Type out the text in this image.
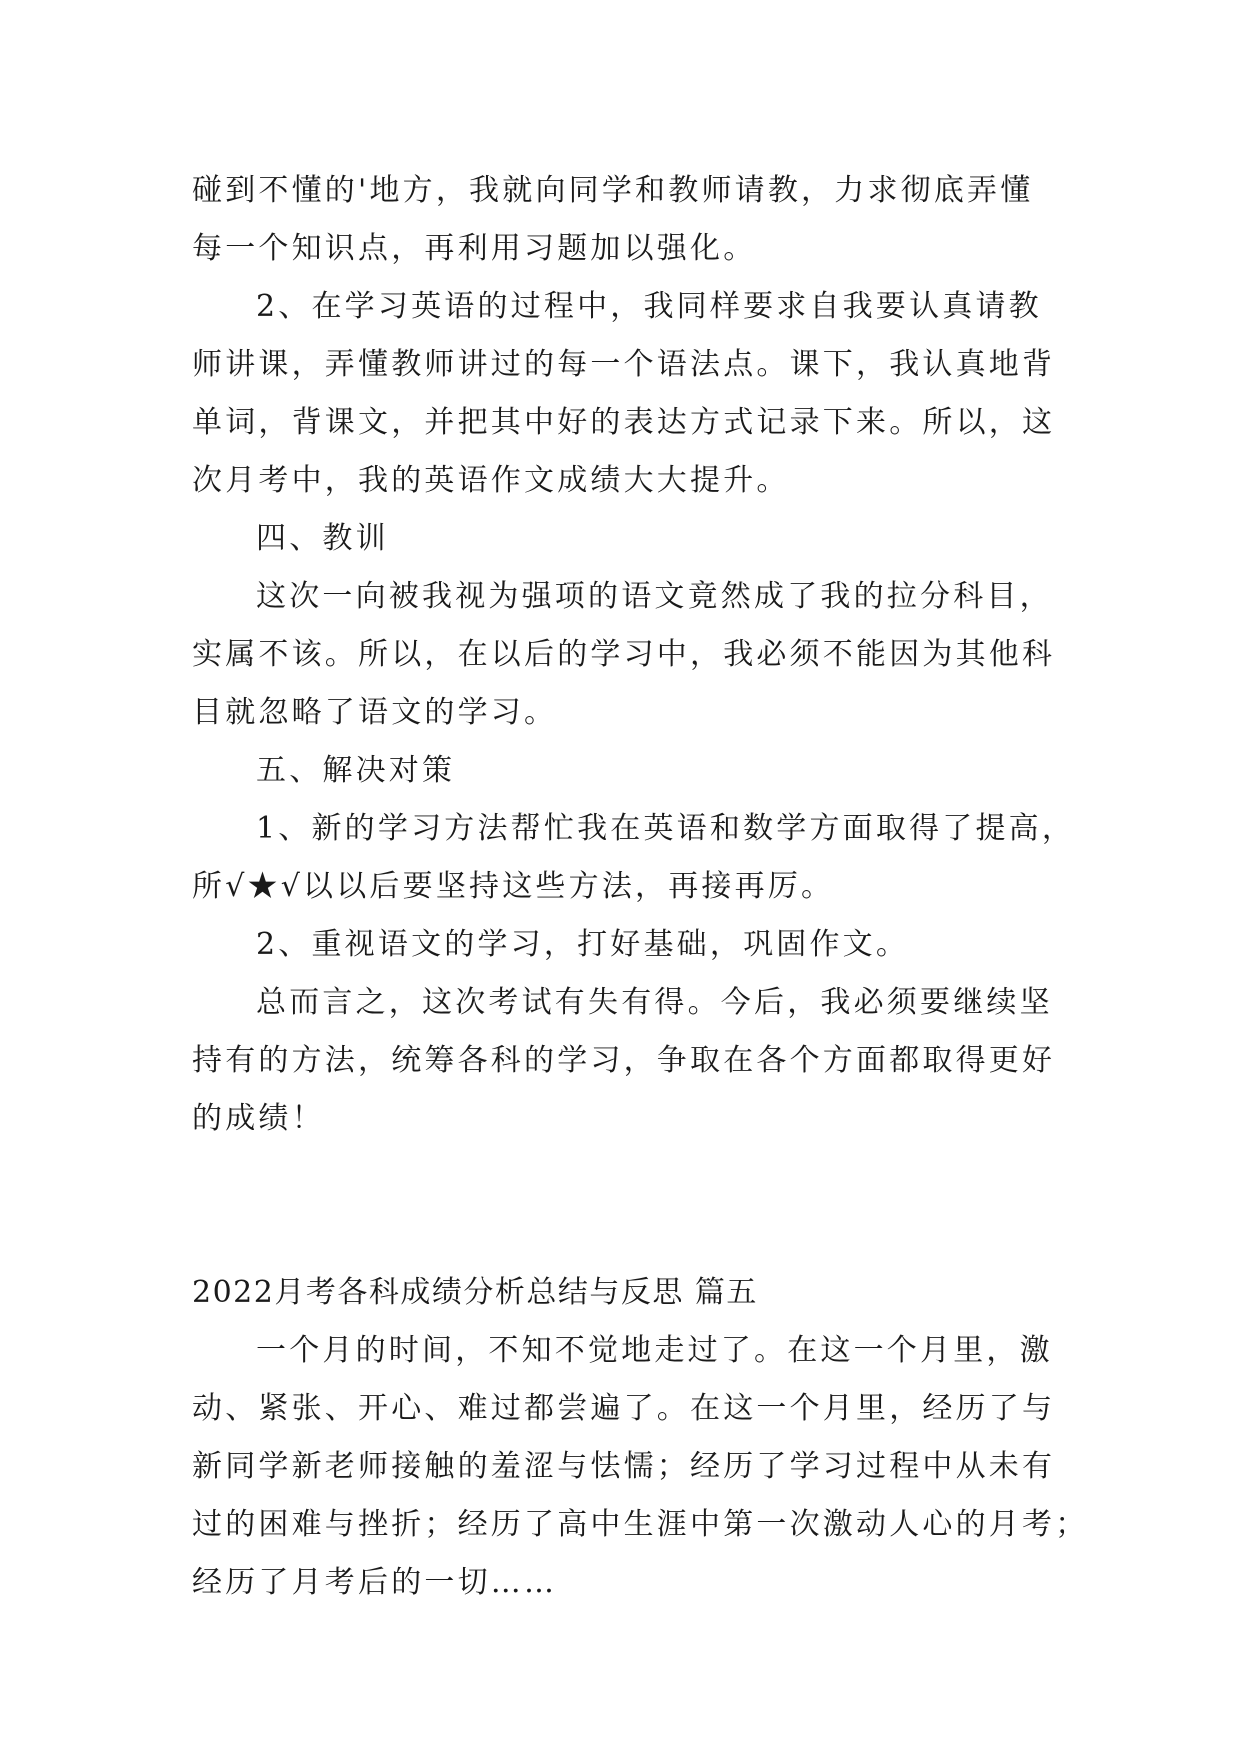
碰到不懂的'地方，我就向同学和教师请教，力求彻底弄懂
每一个知识点，再利用习题加以强化。
2、在学习英语的过程中，我同样要求自我要认真请教
师讲课，弄懂教师讲过的每一个语法点。课下，我认真地背
单词，背课文，并把其中好的表达方式记录下来。所以，这
次月考中，我的英语作文成绩大大提升。
四、教训
这次一向被我视为强项的语文竟然成了我的拉分科目，
实属不该。所以，在以后的学习中，我必须不能因为其他科
目就忽略了语文的学习。
五、解决对策
1、新的学习方法帮忙我在英语和数学方面取得了提高，
所√★√以以后要坚持这些方法，再接再厉。
2、重视语文的学习，打好基础，巩固作文。
总而言之，这次考试有失有得。今后，我必须要继续坚
持有的方法，统筹各科的学习，争取在各个方面都取得更好
的成绩！
2022月考各科成绩分析总结与反思 篇五
一个月的时间，不知不觉地走过了。在这一个月里，激
动、紧张、开心、难过都尝遍了。在这一个月里，经历了与
新同学新老师接触的羞涩与怯懦；经历了学习过程中从未有
过的困难与挫折；经历了高中生涯中第一次激动人心的月考；
经历了月考后的一切……
